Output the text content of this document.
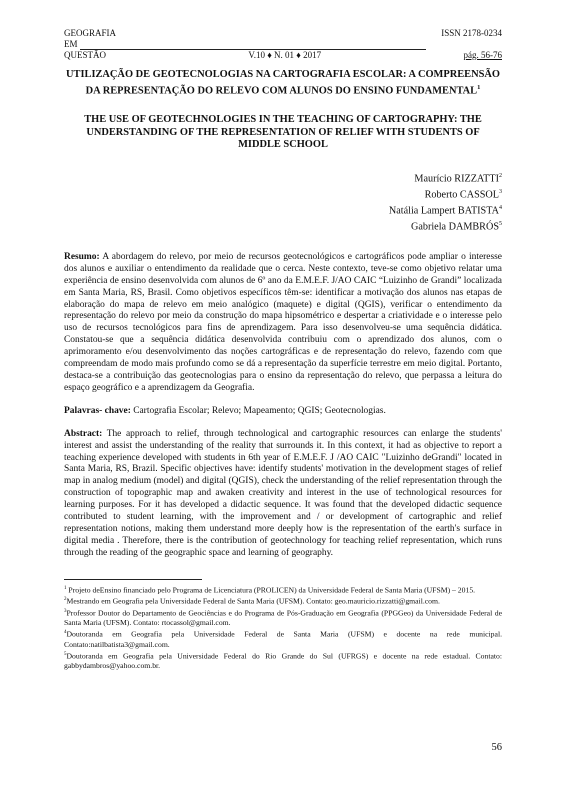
GEOGRAFIA	ISSN 2178-0234
EM
QUESTÃO	V.10 ♦ N. 01 ♦ 2017	pág. 56-76
UTILIZAÇÃO DE GEOTECNOLOGIAS NA CARTOGRAFIA ESCOLAR: A COMPREENSÃO DA REPRESENTAÇÃO DO RELEVO COM ALUNOS DO ENSINO FUNDAMENTAL$^1$
THE USE OF GEOTECHNOLOGIES IN THE TEACHING OF CARTOGRAPHY: THE UNDERSTANDING OF THE REPRESENTATION OF RELIEF WITH STUDENTS OF MIDDLE SCHOOL
Maurício RIZZATTI$^2$
Roberto CASSOL$^3$
Natália Lampert BATISTA$^4$
Gabriela DAMBRÓS$^5$
Resumo: A abordagem do relevo, por meio de recursos geotecnológicos e cartográficos pode ampliar o interesse dos alunos e auxiliar o entendimento da realidade que o cerca. Neste contexto, teve-se como objetivo relatar uma experiência de ensino desenvolvida com alunos de 6º ano da E.M.E.F. J/AO CAIC “Luizinho de Grandi” localizada em Santa Maria, RS, Brasil. Como objetivos específicos têm-se: identificar a motivação dos alunos nas etapas de elaboração do mapa de relevo em meio analógico (maquete) e digital (QGIS), verificar o entendimento da representação do relevo por meio da construção do mapa hipsométrico e despertar a criatividade e o interesse pelo uso de recursos tecnológicos para fins de aprendizagem. Para isso desenvolveu-se uma sequência didática. Constatou-se que a sequência didática desenvolvida contribuiu com o aprendizado dos alunos, com o aprimoramento e/ou desenvolvimento das noções cartográficas e de representação do relevo, fazendo com que compreendam de modo mais profundo como se dá a representação da superfície terrestre em meio digital. Portanto, destaca-se a contribuição das geotecnologias para o ensino da representação do relevo, que perpassa a leitura do espaço geográfico e a aprendizagem da Geografia.
Palavras- chave: Cartografia Escolar; Relevo; Mapeamento; QGIS; Geotecnologias.
Abstract: The approach to relief, through technological and cartographic resources can enlarge the students' interest and assist the understanding of the reality that surrounds it. In this context, it had as objective to report a teaching experience developed with students in 6th year of E.M.E.F. J /AO CAIC "Luizinho deGrandi" located in Santa Maria, RS, Brazil. Specific objectives have: identify students' motivation in the development stages of relief map in analog medium (model) and digital (QGIS), check the understanding of the relief representation through the construction of topographic map and awaken creativity and interest in the use of technological resources for learning purposes. For it has developed a didactic sequence. It was found that the developed didactic sequence contributed to student learning, with the improvement and / or development of cartographic and relief representation notions, making them understand more deeply how is the representation of the earth's surface in digital media . Therefore, there is the contribution of geotechnology for teaching relief representation, which runs through the reading of the geographic space and learning of geography.

$^1$ Projeto deEnsino financiado pelo Programa de Licenciatura (PROLICEN) da Universidade Federal de Santa Maria (UFSM) – 2015.

$^2$Mestrando em Geografia pela Universidade Federal de Santa Maria (UFSM). Contato: geo.mauricio.rizzatti@gmail.com.

$^3$Professor Doutor do Departamento de Geociências e do Programa de Pós-Graduação em Geografia (PPGGeo) da Universidade Federal de Santa Maria (UFSM). Contato: rtocassol@gmail.com.

$^4$Doutoranda em Geografia pela Universidade Federal de Santa Maria (UFSM) e docente na rede municipal. Contato:natilbatista3@gmail.com.

$^5$Doutoranda em Geografia pela Universidade Federal do Rio Grande do Sul (UFRGS) e docente na rede estadual. Contato: gabbydambros@yahoo.com.br.

56
